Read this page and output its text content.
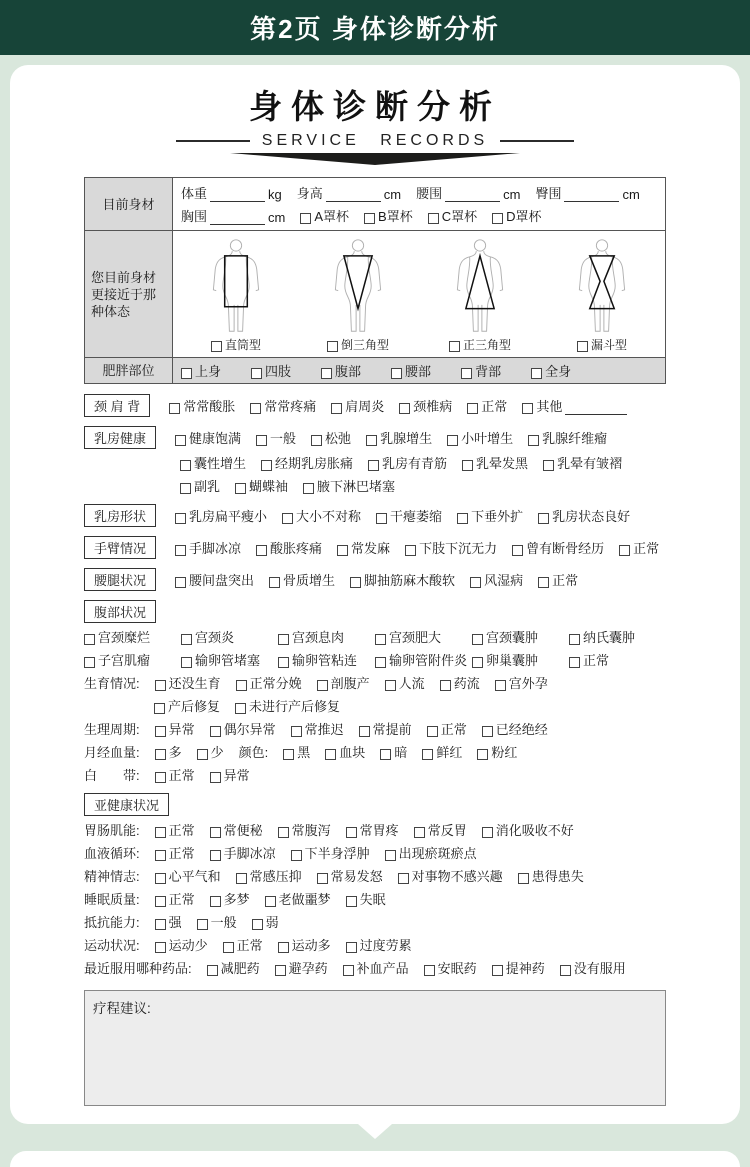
第2页 身体诊断分析
身体诊断分析
SERVICE RECORDS
目前身材
体重	kg 身高	cm 腰围	cm 臀围	cm
胸围	cm A罩杯 B罩杯 C罩杯 D罩杯
您目前身材更接近于那种体态
直筒型	倒三角型	正三角型	漏斗型
肥胖部位	上身	四肢	腹部	腰部	背部	全身
颈 肩 背	常常酸胀 常常疼痛 肩周炎 颈椎病 正常 其他
乳房健康	健康饱满 一般 松弛 乳腺增生 小叶增生 乳腺纤维瘤
囊性增生 经期乳房胀痛 乳房有青筋 乳晕发黑 乳晕有皱褶
副乳 蝴蝶袖 腋下淋巴堵塞
乳房形状	乳房扁平瘦小 大小不对称 干瘪萎缩 下垂外扩 乳房状态良好
手臂情况	手脚冰凉 酸胀疼痛 常发麻 下肢下沉无力 曾有断骨经历 正常
腰腿状况	腰间盘突出 骨质增生 脚抽筋麻木酸软 风湿病 正常
腹部状况
宫颈糜烂	宫颈炎	宫颈息肉	宫颈肥大	宫颈囊肿	纳氏囊肿
子宫肌瘤	输卵管堵塞 输卵管粘连 输卵管附件炎 卵巢囊肿	正常
生育情况: 还没生育 正常分娩 剖腹产 人流 药流 宫外孕
产后修复 未进行产后修复
生理周期: 异常 偶尔异常 常推迟 常提前 正常 已经绝经
月经血量: 多 少 颜色: 黑 血块 暗 鲜红 粉红
白　　带: 正常 异常
亚健康状况
胃肠肌能: 正常 常便秘 常腹泻 常胃疼 常反胃 消化吸收不好
血液循环: 正常 手脚冰凉 下半身浮肿 出现瘀斑瘀点
精神情志: 心平气和 常感压抑 常易发怒 对事物不感兴趣 患得患失
睡眠质量: 正常 多梦 老做噩梦 失眠
抵抗能力: 强 一般 弱
运动状况: 运动少 正常 运动多 过度劳累
最近服用哪种药品: 减肥药 避孕药 补血产品 安眠药 提神药 没有服用
疗程建议:
